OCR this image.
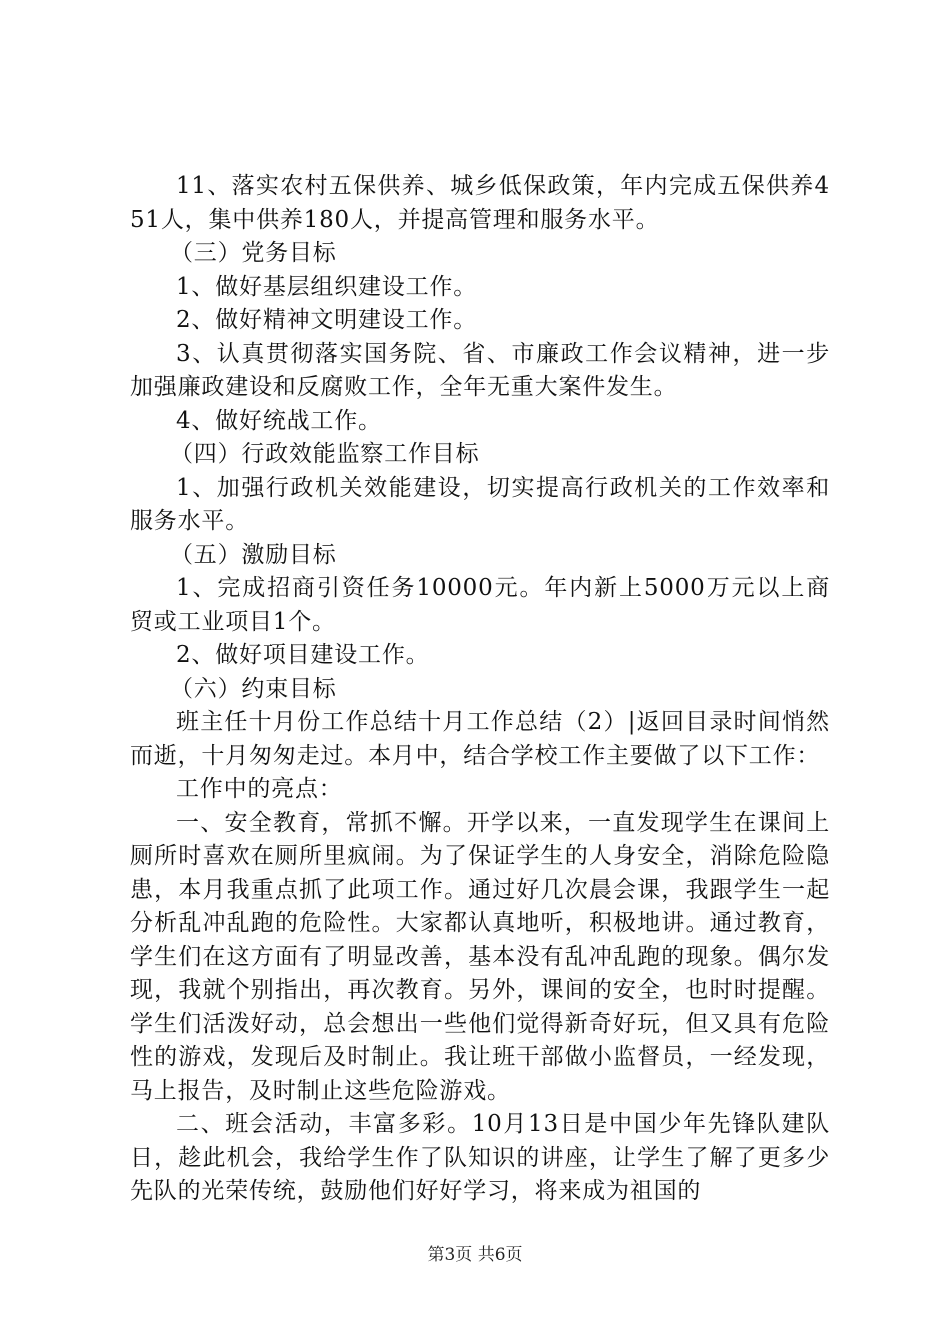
11、落实农村五保供养、城乡低保政策，年内完成五保供养451人，集中供养180人，并提高管理和服务水平。

（三）党务目标

1、做好基层组织建设工作。

2、做好精神文明建设工作。

3、认真贯彻落实国务院、省、市廉政工作会议精神，进一步加强廉政建设和反腐败工作，全年无重大案件发生。

4、做好统战工作。

（四）行政效能监察工作目标

1、加强行政机关效能建设，切实提高行政机关的工作效率和服务水平。

（五）激励目标

1、完成招商引资任务10000元。年内新上5000万元以上商贸或工业项目1个。

2、做好项目建设工作。

（六）约束目标

班主任十月份工作总结十月工作总结（2）|返回目录时间悄然而逝，十月匆匆走过。本月中，结合学校工作主要做了以下工作：

工作中的亮点：

一、安全教育，常抓不懈。开学以来，一直发现学生在课间上厕所时喜欢在厕所里疯闹。为了保证学生的人身安全，消除危险隐患，本月我重点抓了此项工作。通过好几次晨会课，我跟学生一起分析乱冲乱跑的危险性。大家都认真地听，积极地讲。通过教育，学生们在这方面有了明显改善，基本没有乱冲乱跑的现象。偶尔发现，我就个别指出，再次教育。另外，课间的安全，也时时提醒。学生们活泼好动，总会想出一些他们觉得新奇好玩，但又具有危险性的游戏，发现后及时制止。我让班干部做小监督员，一经发现，马上报告，及时制止这些危险游戏。

二、班会活动，丰富多彩。10月13日是中国少年先锋队建队日，趁此机会，我给学生作了队知识的讲座，让学生了解了更多少先队的光荣传统，鼓励他们好好学习，将来成为祖国的

第3页 共6页
